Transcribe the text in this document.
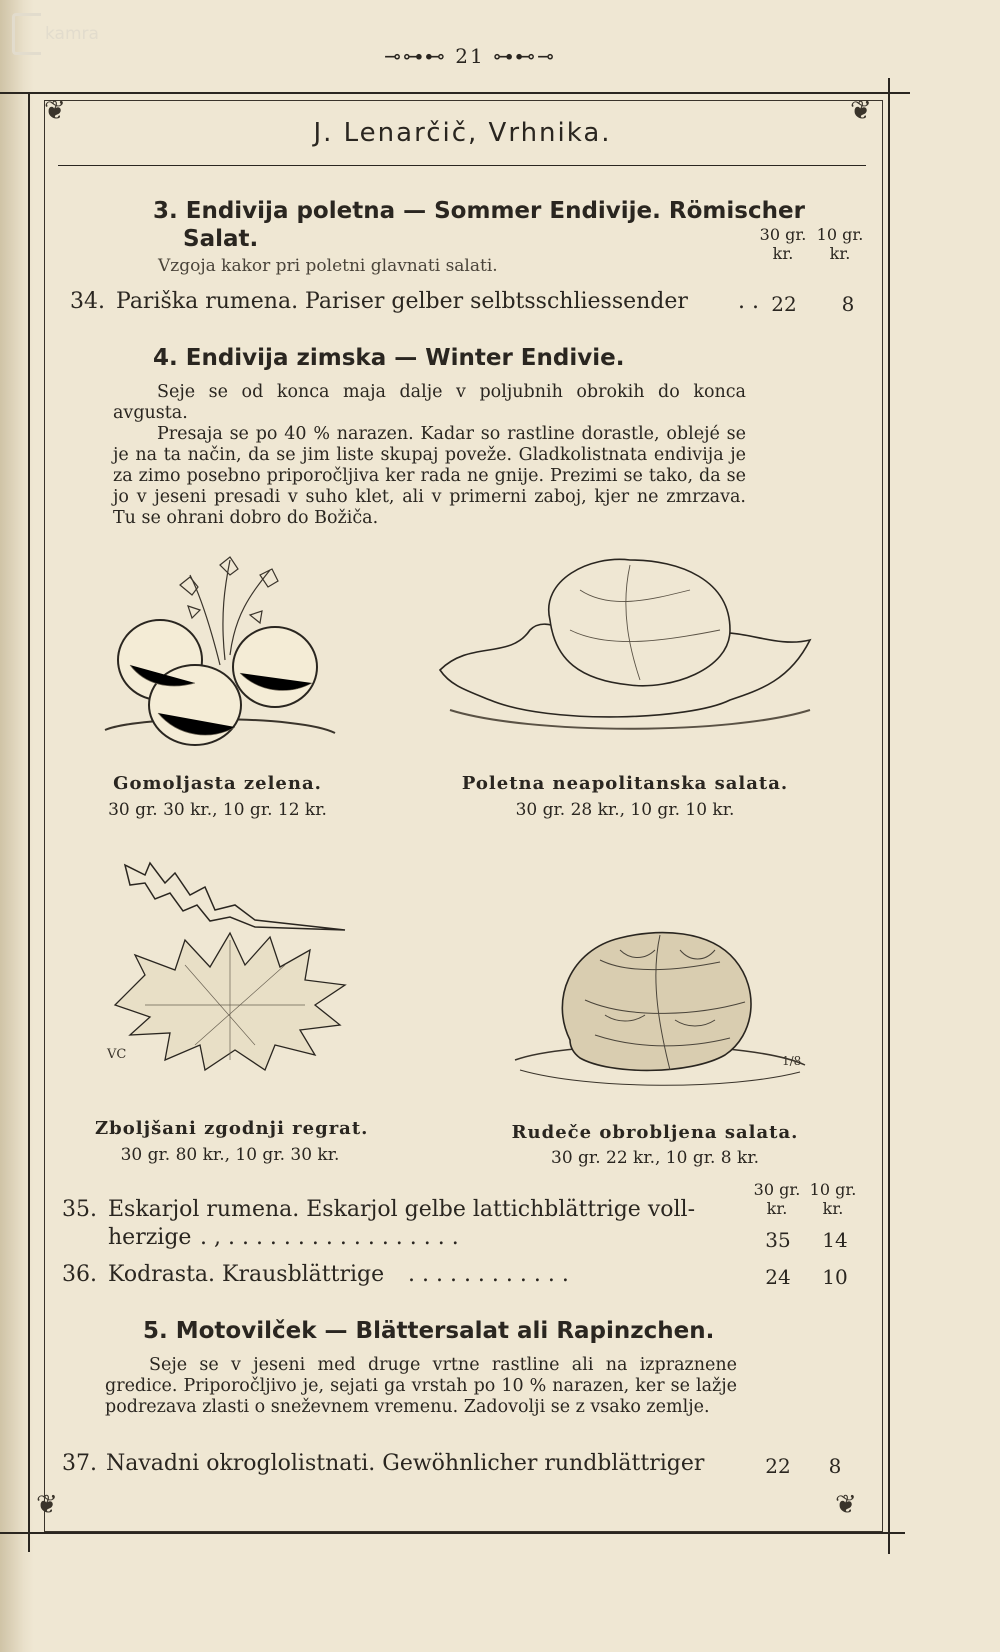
kamra
⊸⊶⊷ 21 ⊶⊷⊸
❦	❦
❦	❦
J. Lenarčič, Vrhnika.
3. Endivija poletna — Sommer Endivije. Römischer
Salat.	30 gr.
kr.
10 gr.
kr.
Vzgoja kakor pri poletni glavnati salati.
34. Pariška rumena. Pariser gelber selbtsschliessender . . 22	8
4. Endivija zimska — Winter Endivie.
Seje se od konca maja dalje v poljubnih obrokih do konca avgusta.
Presaja se po 40 % narazen. Kadar so rastline dorastle, oblejé se je na ta način, da se jim liste skupaj poveže. Gladkolistnata endivija je za zimo posebno priporočljiva ker rada ne gnije. Prezimi se tako, da se jo v jeseni presadi v suho klet, ali v primerni zaboj, kjer ne zmrzava. Tu se ohrani dobro do Božiča.
Gomoljasta zelena.
30 gr. 30 kr., 10 gr. 12 kr.
Poletna neapolitanska salata.
30 gr. 28 kr., 10 gr. 10 kr.
VC	1/8
Zboljšani zgodnji regrat.
30 gr. 80 kr., 10 gr. 30 kr.
Rudeče obrobljena salata.
30 gr. 22 kr., 10 gr. 8 kr.
30 gr.
kr.
10 gr.
kr.
35. Eskarjol rumena. Eskarjol gelbe lattichblättrige voll-
herzige . , . . . . . . . . . . . . . . . . .	35	14
36. Kodrasta. Krausblättrige . . . . . . . . . . . .	24	10
5. Motovilček — Blättersalat ali Rapinzchen.
Seje se v jeseni med druge vrtne rastline ali na izpraznene gredice. Priporočljivo je, sejati ga vrstah po 10 % narazen, ker se lažje podrezava zlasti o sneževnem vremenu. Zadovolji se z vsako zemlje.
37. Navadni okroglolistnati. Gewöhnlicher rundblättriger	22	8
